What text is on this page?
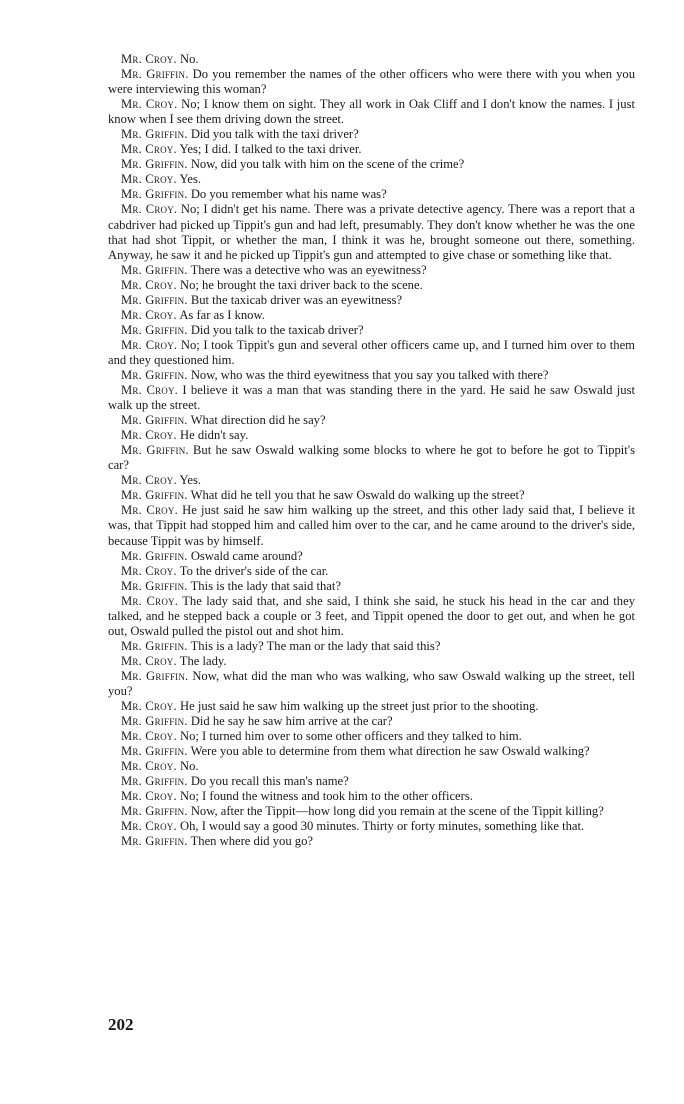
Mr. Croy. No.

Mr. Griffin. Do you remember the names of the other officers who were there with you when you were interviewing this woman?

Mr. Croy. No; I know them on sight. They all work in Oak Cliff and I don't know the names. I just know when I see them driving down the street.

Mr. Griffin. Did you talk with the taxi driver?

Mr. Croy. Yes; I did. I talked to the taxi driver.

Mr. Griffin. Now, did you talk with him on the scene of the crime?

Mr. Croy. Yes.

Mr. Griffin. Do you remember what his name was?

Mr. Croy. No; I didn't get his name. There was a private detective agency. There was a report that a cabdriver had picked up Tippit's gun and had left, presumably. They don't know whether he was the one that had shot Tippit, or whether the man, I think it was he, brought someone out there, something. Anyway, he saw it and he picked up Tippit's gun and attempted to give chase or something like that.

Mr. Griffin. There was a detective who was an eyewitness?

Mr. Croy. No; he brought the taxi driver back to the scene.

Mr. Griffin. But the taxicab driver was an eyewitness?

Mr. Croy. As far as I know.

Mr. Griffin. Did you talk to the taxicab driver?

Mr. Croy. No; I took Tippit's gun and several other officers came up, and I turned him over to them and they questioned him.

Mr. Griffin. Now, who was the third eyewitness that you say you talked with there?

Mr. Croy. I believe it was a man that was standing there in the yard. He said he saw Oswald just walk up the street.

Mr. Griffin. What direction did he say?

Mr. Croy. He didn't say.

Mr. Griffin. But he saw Oswald walking some blocks to where he got to before he got to Tippit's car?

Mr. Croy. Yes.

Mr. Griffin. What did he tell you that he saw Oswald do walking up the street?

Mr. Croy. He just said he saw him walking up the street, and this other lady said that, I believe it was, that Tippit had stopped him and called him over to the car, and he came around to the driver's side, because Tippit was by himself.

Mr. Griffin. Oswald came around?

Mr. Croy. To the driver's side of the car.

Mr. Griffin. This is the lady that said that?

Mr. Croy. The lady said that, and she said, I think she said, he stuck his head in the car and they talked, and he stepped back a couple or 3 feet, and Tippit opened the door to get out, and when he got out, Oswald pulled the pistol out and shot him.

Mr. Griffin. This is a lady? The man or the lady that said this?

Mr. Croy. The lady.

Mr. Griffin. Now, what did the man who was walking, who saw Oswald walking up the street, tell you?

Mr. Croy. He just said he saw him walking up the street just prior to the shooting.

Mr. Griffin. Did he say he saw him arrive at the car?

Mr. Croy. No; I turned him over to some other officers and they talked to him.

Mr. Griffin. Were you able to determine from them what direction he saw Oswald walking?

Mr. Croy. No.

Mr. Griffin. Do you recall this man's name?

Mr. Croy. No; I found the witness and took him to the other officers.

Mr. Griffin. Now, after the Tippit—how long did you remain at the scene of the Tippit killing?

Mr. Croy. Oh, I would say a good 30 minutes. Thirty or forty minutes, something like that.

Mr. Griffin. Then where did you go?

202
